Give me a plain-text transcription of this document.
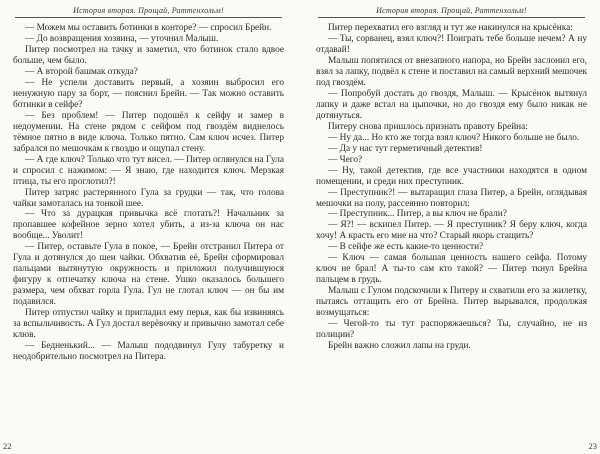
История вторая. Прощай, Раттенхольм!

— Можем мы оставить ботинки в конторе? — спросил Брейн.

— До возвращения хозяина, — уточнил Малыш.

Питер посмотрел на тачку и заметил, что ботинок стало вдвое больше, чем было.

— А второй башмак откуда?

— Не успели доставить первый, а хозяин выбросил его ненужную пару за борт, — пояснил Брейн. — Так можно оставить ботинки в сейфе?

— Без проблем! — Питер подошёл к сейфу и замер в недоумении. На стене рядом с сейфом под гвоздём виднелось тёмное пятно в виде ключа. Только пятно. Сам ключ исчез. Питер забрался по мешочкам к гвоздю и ощупал стену.

— А где ключ? Только что тут висел. — Питер оглянулся на Гула и спросил с нажимом: — Я знаю, где находится ключ. Мерзкая птица, ты его проглотил?!

Питер затряс растерянного Гула за грудки — так, что голова чайки замоталась на тонкой шее.

— Что за дурацкая привычка всё глотать?! Начальник за пропавшее кофейное зерно хотел убить, а из-за ключа он нас вообще... Уволит!

— Питер, оставьте Гула в покое, — Брейн отстранил Питера от Гула и дотянулся до шеи чайки. Обхватив её, Брейн сформировал пальцами вытянутую окружность и приложил получившуюся фигуру к отпечатку ключа на стене. Ушко оказалось большего размера, чем обхват горла Гула. Гул не глотал ключ — он бы им подавился.

Питер отпустил чайку и пригладил ему перья, как бы извиняясь за вспыльчивость. А Гул достал верёвочку и привычно замотал себе клюв.

— Бедненький... — Малыш пододвинул Гулу табуретку и неодобрительно посмотрел на Питера.

История вторая. Прощай, Раттенхольм!

Питер перехватил его взгляд и тут же накинулся на крысёнка:

— Ты, сорванец, взял ключ?! Поиграть тебе больше нечем? А ну отдавай!

Малыш попятился от внезапного напора, но Брейн заслонил его, взял за лапку, подвёл к стене и поставил на самый верхний мешочек под гвоздём.

— Попробуй достать до гвоздя, Малыш. — Крысёнок вытянул лапку и даже встал на цыпочки, но до гвоздя ему было никак не дотянуться.

Питеру снова пришлось признать правоту Брейна:

— Ну да... Но кто же тогда взял ключ? Никого больше не было.

— Да у нас тут герметичный детектив!

— Чего?

— Ну, такой детектив, где все участники находятся в одном помещении, и среди них преступник.

— Преступник?! — вытаращил глаза Питер, а Брейн, оглядывая мешочки на полу, рассеянно повторил:

— Преступник... Питер, а вы ключ не брали?

— Я?! — вскипел Питер. — Я преступник? Я беру ключ, когда хочу! А красть его мне на что? Старый якорь стащить?

— В сейфе же есть какие-то ценности?

— Ключ — самая большая ценность нашего сейфа. Потому ключ не брал! А ты-то сам кто такой? — Питер ткнул Брейна пальцем в грудь.

Малыш с Гулом подскочили к Питеру и схватили его за жилетку, пытаясь оттащить его от Брейна. Питер вырывался, продолжая возмущаться:

— Чегой-то ты тут распоряжаешься? Ты, случайно, не из полиции?

Брейн важно сложил лапы на груди.

22	23
